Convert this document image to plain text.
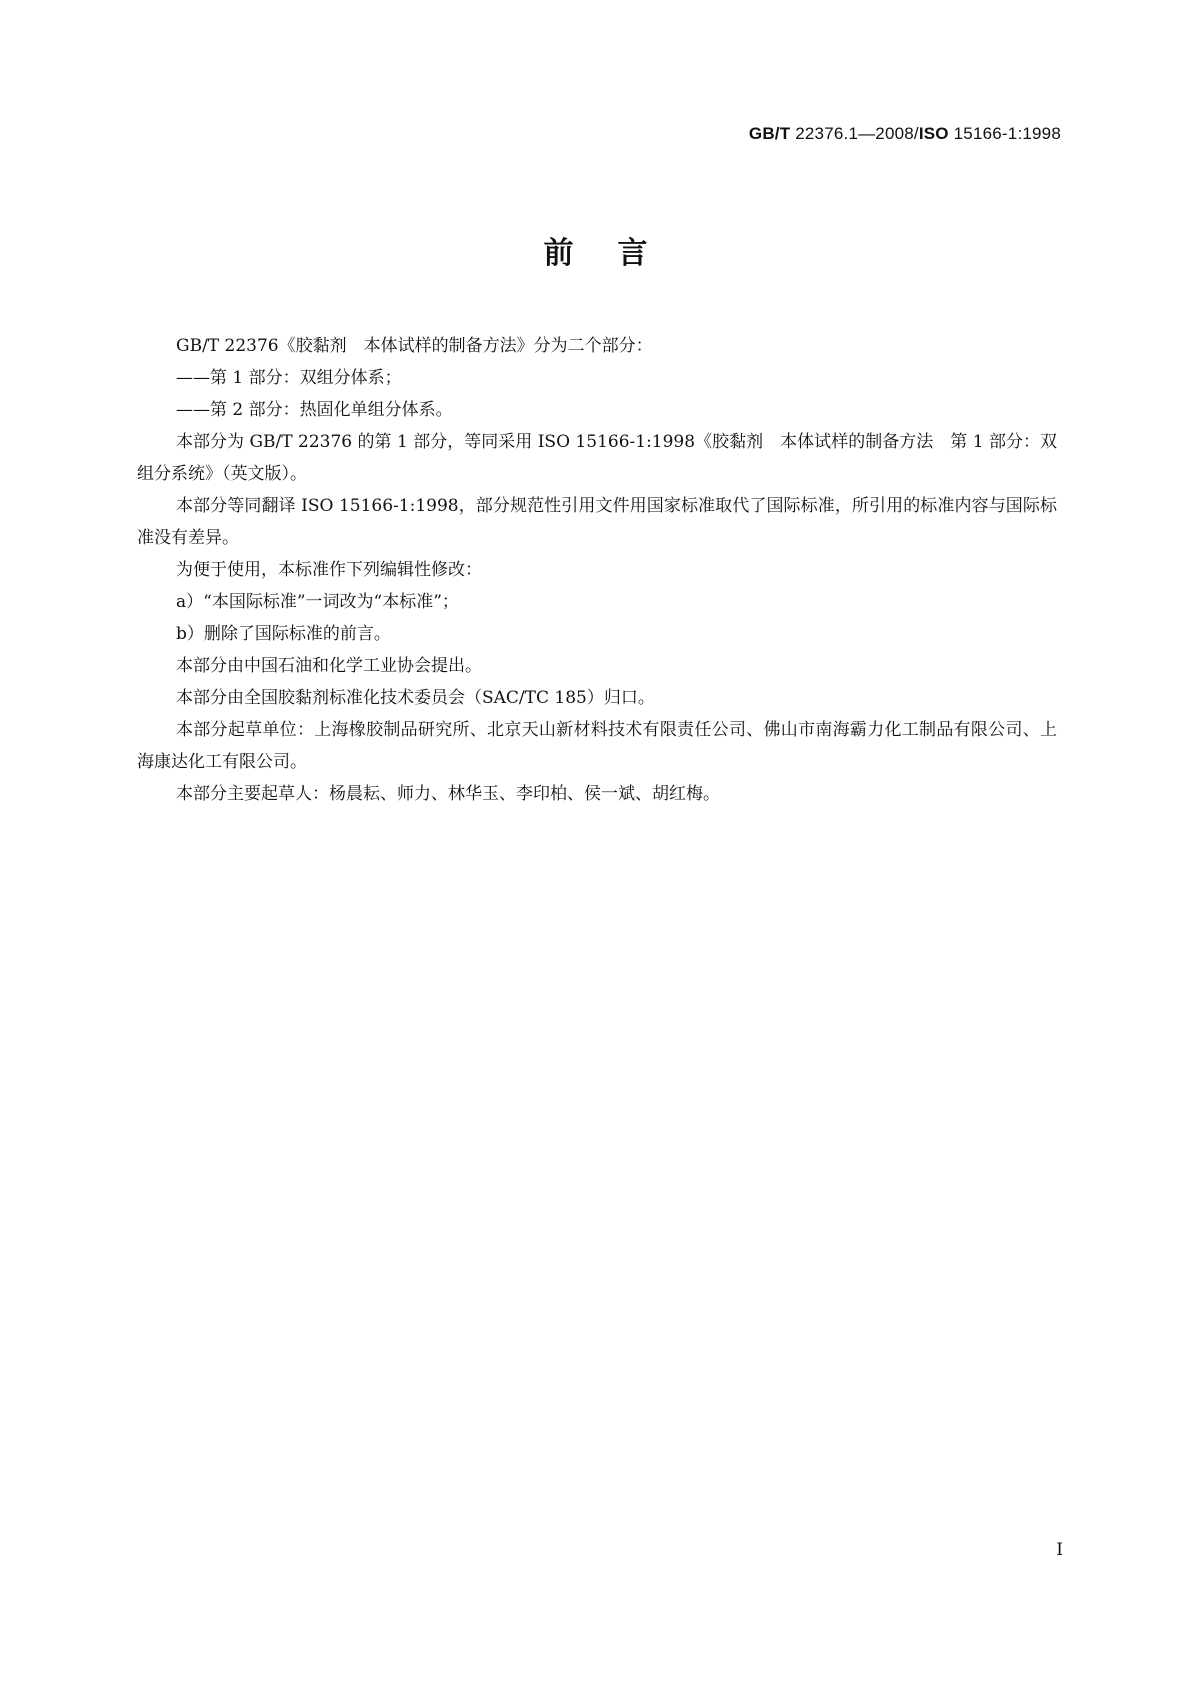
GB/T 22376.1—2008/ISO 15166-1:1998
前言

GB/T 22376《胶黏剂　本体试样的制备方法》分为二个部分：

——第 1 部分：双组分体系；

——第 2 部分：热固化单组分体系。

本部分为 GB/T 22376 的第 1 部分，等同采用 ISO 15166-1:1998《胶黏剂　本体试样的制备方法　第 1 部分：双组分系统》（英文版）。

本部分等同翻译 ISO 15166-1:1998，部分规范性引用文件用国家标准取代了国际标准，所引用的标准内容与国际标准没有差异。

为便于使用，本标准作下列编辑性修改：

a）“本国际标准”一词改为“本标准”；

b）删除了国际标准的前言。

本部分由中国石油和化学工业协会提出。

本部分由全国胶黏剂标准化技术委员会（SAC/TC 185）归口。

本部分起草单位：上海橡胶制品研究所、北京天山新材料技术有限责任公司、佛山市南海霸力化工制品有限公司、上海康达化工有限公司。

本部分主要起草人：杨晨耘、师力、林华玉、李印柏、侯一斌、胡红梅。

I
